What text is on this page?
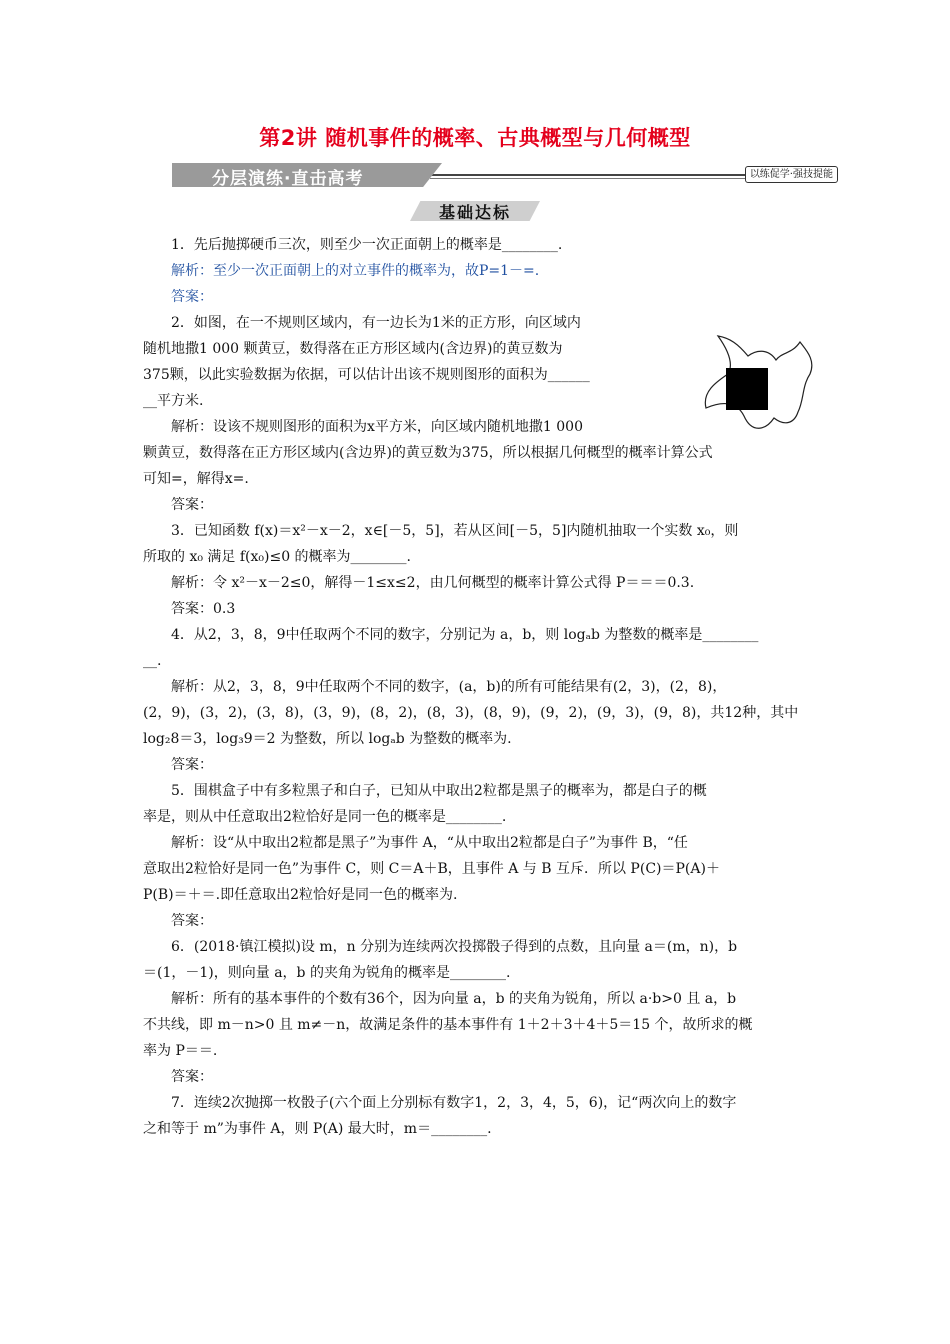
第2讲 随机事件的概率、古典概型与几何概型
分层演练·直击高考	以练促学·强技提能
基础达标

1．先后抛掷硬币三次，则至少一次正面朝上的概率是________.

解析：至少一次正面朝上的对立事件的概率为，故P=1－=.

答案：

2．如图，在一不规则区域内，有一边长为1米的正方形，向区域内

随机地撒1 000 颗黄豆，数得落在正方形区域内(含边界)的黄豆数为

375颗，以此实验数据为依据，可以估计出该不规则图形的面积为______

__平方米.

解析：设该不规则图形的面积为x平方米，向区域内随机地撒1 000

颗黄豆，数得落在正方形区域内(含边界)的黄豆数为375，所以根据几何概型的概率计算公式

可知=，解得x=.

答案：

3．已知函数 f(x)＝x²－x－2，x∈[－5，5]，若从区间[－5，5]内随机抽取一个实数 x₀，则

所取的 x₀ 满足 f(x₀)≤0 的概率为________.

解析：令 x²－x－2≤0，解得－1≤x≤2，由几何概型的概率计算公式得 P＝＝＝0.3.

答案：0.3

4．从2，3，8，9中任取两个不同的数字，分别记为 a，b，则 logₐb 为整数的概率是________

__.

解析：从2，3，8，9中任取两个不同的数字，(a，b)的所有可能结果有(2，3)，(2，8)，

(2，9)，(3，2)，(3，8)，(3，9)，(8，2)，(8，3)，(8，9)，(9，2)，(9，3)，(9，8)，共12种，其中

log₂8＝3，log₃9＝2 为整数，所以 logₐb 为整数的概率为.

答案：

5．围棋盒子中有多粒黑子和白子，已知从中取出2粒都是黑子的概率为，都是白子的概

率是，则从中任意取出2粒恰好是同一色的概率是________.

解析：设“从中取出2粒都是黑子”为事件 A，“从中取出2粒都是白子”为事件 B，“任

意取出2粒恰好是同一色”为事件 C，则 C＝A＋B，且事件 A 与 B 互斥．所以 P(C)＝P(A)＋

P(B)＝＋＝.即任意取出2粒恰好是同一色的概率为.

答案：

6．(2018·镇江模拟)设 m，n 分别为连续两次投掷骰子得到的点数，且向量 a＝(m，n)，b

＝(1，－1)，则向量 a，b 的夹角为锐角的概率是________.

解析：所有的基本事件的个数有36个，因为向量 a，b 的夹角为锐角，所以 a·b>0 且 a，b

不共线，即 m－n>0 且 m≠－n，故满足条件的基本事件有 1＋2＋3＋4＋5＝15 个，故所求的概

率为 P＝＝.

答案：

7．连续2次抛掷一枚骰子(六个面上分别标有数字1，2，3，4，5，6)，记“两次向上的数字

之和等于 m”为事件 A，则 P(A) 最大时，m＝________.
